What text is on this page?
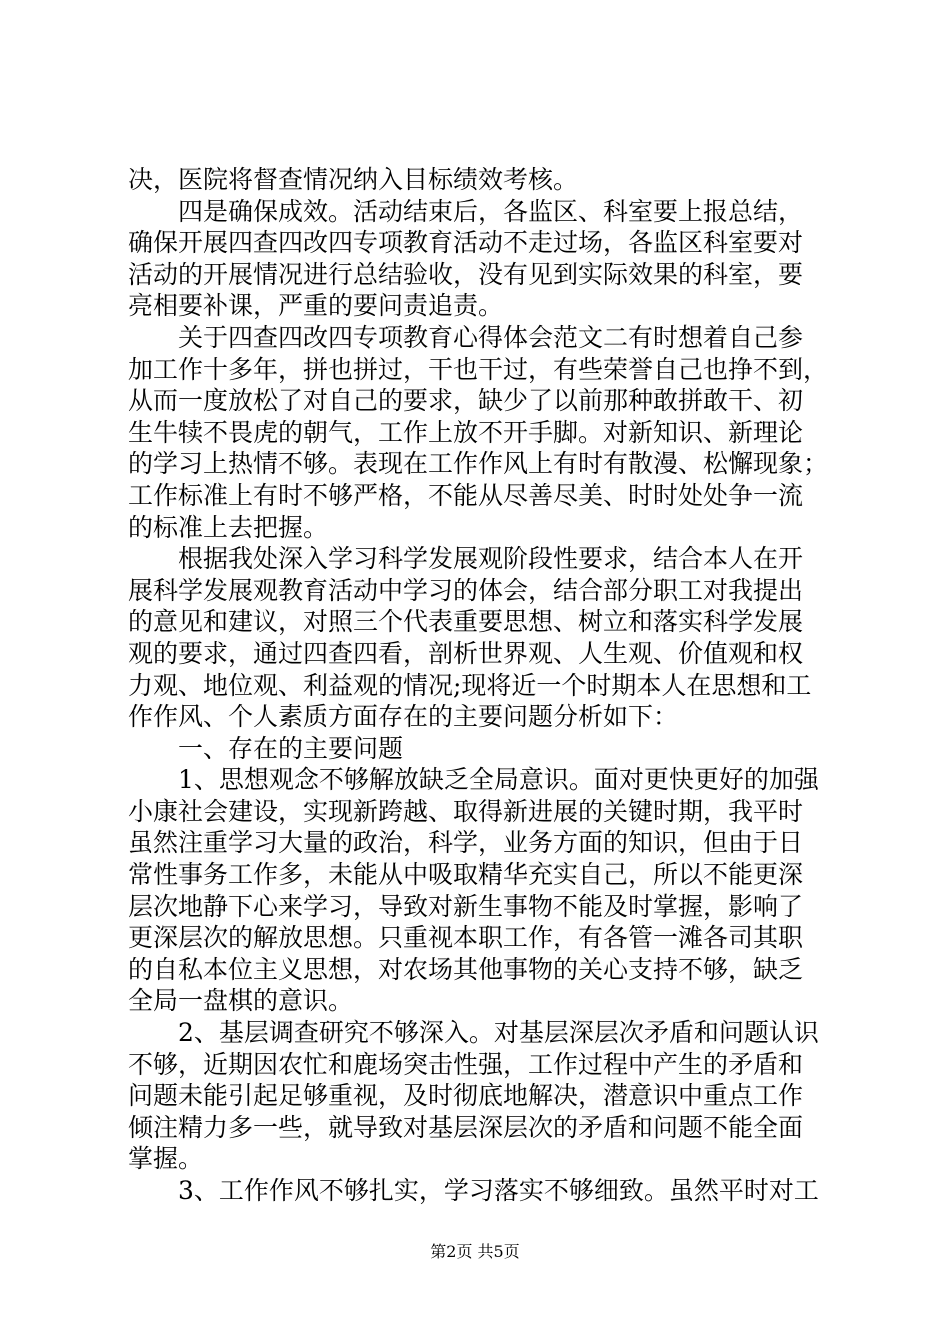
决，医院将督查情况纳入目标绩效考核。
　　四是确保成效。活动结束后，各监区、科室要上报总结，
确保开展四查四改四专项教育活动不走过场，各监区科室要对
活动的开展情况进行总结验收，没有见到实际效果的科室，要
亮相要补课，严重的要问责追责。
　　关于四查四改四专项教育心得体会范文二有时想着自己参
加工作十多年，拼也拼过，干也干过，有些荣誉自己也挣不到，
从而一度放松了对自己的要求，缺少了以前那种敢拼敢干、初
生牛犊不畏虎的朝气，工作上放不开手脚。对新知识、新理论
的学习上热情不够。表现在工作作风上有时有散漫、松懈现象；
工作标准上有时不够严格，不能从尽善尽美、时时处处争一流
的标准上去把握。
　　根据我处深入学习科学发展观阶段性要求，结合本人在开
展科学发展观教育活动中学习的体会，结合部分职工对我提出
的意见和建议，对照三个代表重要思想、树立和落实科学发展
观的要求，通过四查四看，剖析世界观、人生观、价值观和权
力观、地位观、利益观的情况;现将近一个时期本人在思想和工
作作风、个人素质方面存在的主要问题分析如下：
　　一、存在的主要问题
　　1、思想观念不够解放缺乏全局意识。面对更快更好的加强
小康社会建设，实现新跨越、取得新进展的关键时期，我平时
虽然注重学习大量的政治，科学，业务方面的知识，但由于日
常性事务工作多，未能从中吸取精华充实自己，所以不能更深
层次地静下心来学习，导致对新生事物不能及时掌握，影响了
更深层次的解放思想。只重视本职工作，有各管一滩各司其职
的自私本位主义思想，对农场其他事物的关心支持不够，缺乏
全局一盘棋的意识。
　　2、基层调查研究不够深入。对基层深层次矛盾和问题认识
不够，近期因农忙和鹿场突击性强，工作过程中产生的矛盾和
问题未能引起足够重视，及时彻底地解决，潜意识中重点工作
倾注精力多一些，就导致对基层深层次的矛盾和问题不能全面
掌握。
　　3、工作作风不够扎实，学习落实不够细致。虽然平时对工
第2页 共5页
